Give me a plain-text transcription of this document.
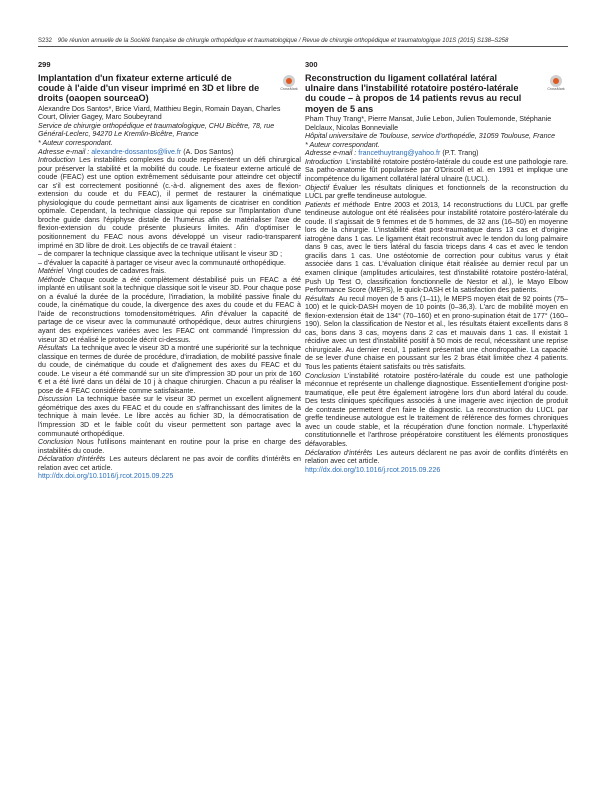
S232 90e réunion annuelle de la Société française de chirurgie orthopédique et traumatologique / Revue de chirurgie orthopédique et traumatologique 101S (2015) S138–S258
299
Implantation d'un fixateur externe articulé de coude à l'aide d'un viseur imprimé en 3D et libre de droits (oaopen sourceaO)
CrossMark
Alexandre Dos Santos*, Brice Viard, Matthieu Begin, Romain Dayan, Charles Court, Olivier Gagey, Marc Soubeyrand
Service de chirurgie orthopédique et traumatologique, CHU Bicêtre, 78, rue Général-Leclerc, 94270 Le Kremlin-Bicêtre, France
* Auteur correspondant.
Adresse e-mail : alexandre-dossantos@live.fr (A. Dos Santos)

Introduction Les instabilités complexes du coude représentent un défi chirurgical pour préserver la stabilité et la mobilité du coude. Le fixateur externe articulé de coude (FEAC) est une option extrêmement séduisante pour atteindre cet objectif car s'il est correctement positionné (c.-à-d. alignement des axes de flexion-extension du coude et du FEAC), il permet de restaurer la cinématique physiologique du coude permettant ainsi aux ligaments de cicatriser en condition optimale. Cependant, la technique classique qui repose sur l'implantation d'une broche guide dans l'épiphyse distale de l'humérus afin de matérialiser l'axe de flexion-extension du coude présente plusieurs limites. Afin d'optimiser le positionnement du FEAC nous avons développé un viseur radio-transparent imprimé en 3D libre de droit. Les objectifs de ce travail étaient :

– de comparer la technique classique avec la technique utilisant le viseur 3D ;

– d'évaluer la capacité à partager ce viseur avec la communauté orthopédique.

Matériel Vingt coudes de cadavres frais.

Méthode Chaque coude a été complètement déstabilisé puis un FEAC a été implanté en utilisant soit la technique classique soit le viseur 3D. Pour chaque pose on a évalué la durée de la procédure, l'irradiation, la mobilité passive finale du coude, la cinématique du coude, la divergence des axes du coude et du FEAC à l'aide de reconstructions tomodensitométriques. Afin d'évaluer la capacité de partage de ce viseur avec la communauté orthopédique, deux autres chirurgiens ayant des expériences variées avec les FEAC ont commandé l'impression du viseur 3D et réalisé le protocole décrit ci-dessus.

Résultats La technique avec le viseur 3D a montré une supériorité sur la technique classique en termes de durée de procédure, d'irradiation, de mobilité passive finale du coude, de cinématique du coude et d'alignement des axes du FEAC et du coude. Le viseur a été commandé sur un site d'impression 3D pour un prix de 160 € et a été livré dans un délai de 10 j à chaque chirurgien. Chacun a pu réaliser la pose de 4 FEAC considérée comme satisfaisante.

Discussion La technique basée sur le viseur 3D permet un excellent alignement géométrique des axes du FEAC et du coude en s'affranchissant des limites de la technique à main levée. Le libre accès au fichier 3D, la démocratisation de l'impression 3D et le faible coût du viseur permettent son partage avec la communauté orthopédique.

Conclusion Nous l'utilisons maintenant en routine pour la prise en charge des instabilités du coude.

Déclaration d'intérêts Les auteurs déclarent ne pas avoir de conflits d'intérêts en relation avec cet article.

http://dx.doi.org/10.1016/j.rcot.2015.09.225
300
Reconstruction du ligament collatéral latéral ulnaire dans l'instabilité rotatoire postéro-latérale du coude – à propos de 14 patients revus au recul moyen de 5 ans
CrossMark
Pham Thuy Trang*, Pierre Mansat, Julie Lebon, Julien Toulemonde, Stéphanie Delclaux, Nicolas Bonnevialle
Hôpital universitaire de Toulouse, service d'orthopédie, 31059 Toulouse, France
* Auteur correspondant.
Adresse e-mail : francethuytrang@yahoo.fr (P.T. Trang)

Introduction L'instabilité rotatoire postéro-latérale du coude est une pathologie rare. Sa patho-anatomie fût popularisée par O'Driscoll et al. en 1991 et implique une incompétence du ligament collatéral latéral ulnaire (LUCL).

Objectif Évaluer les résultats cliniques et fonctionnels de la reconstruction du LUCL par greffe tendineuse autologue.

Patients et méthode Entre 2003 et 2013, 14 reconstructions du LUCL par greffe tendineuse autologue ont été réalisées pour instabilité rotatoire postéro-latérale du coude. Il s'agissait de 9 femmes et de 5 hommes, de 32 ans (16–50) en moyenne lors de la chirurgie. L'instabilité était post-traumatique dans 13 cas et d'origine iatrogène dans 1 cas. Le ligament était reconstruit avec le tendon du long palmaire dans 9 cas, avec le tiers latéral du fascia triceps dans 4 cas et avec le tendon gracilis dans 1 cas. Une ostéotomie de correction pour cubitus varus y était associée dans 1 cas. L'évaluation clinique était réalisée au dernier recul par un examen clinique (amplitudes articulaires, test d'instabilité rotatoire postéro-latéral, Push Up Test O, classification fonctionnelle de Nestor et al.), le Mayo Elbow Performance Score (MEPS), le quick-DASH et la satisfaction des patients.

Résultats Au recul moyen de 5 ans (1–11), le MEPS moyen était de 92 points (75–100) et le quick-DASH moyen de 10 points (0–36,3). L'arc de mobilité moyen en flexion-extension était de 134° (70–160) et en prono-supination était de 177° (160–190). Selon la classification de Nestor et al., les résultats étaient excellents dans 8 cas, bons dans 3 cas, moyens dans 2 cas et mauvais dans 1 cas. Il existait 1 récidive avec un test d'instabilité positif à 50 mois de recul, nécessitant une reprise chirurgicale. Au dernier recul, 1 patient présentait une chondropathie. La capacité de se lever d'une chaise en poussant sur les 2 bras était limitée chez 4 patients. Tous les patients étaient satisfaits ou très satisfaits.

Conclusion L'instabilité rotatoire postéro-latérale du coude est une pathologie méconnue et représente un challenge diagnostique. Essentiellement d'origine post-traumatique, elle peut être également iatrogène lors d'un abord latéral du coude. Des tests cliniques spécifiques associés à une imagerie avec injection de produit de contraste permettent d'en faire le diagnostic. La reconstruction du LUCL par greffe tendineuse autologue est le traitement de référence des formes chroniques avec un coude stable, et la récupération d'une fonction normale. L'hyperlaxité constitutionnelle et l'arthrose préopératoire constituent les éléments pronostiques défavorables.

Déclaration d'intérêts Les auteurs déclarent ne pas avoir de conflits d'intérêts en relation avec cet article.

http://dx.doi.org/10.1016/j.rcot.2015.09.226
